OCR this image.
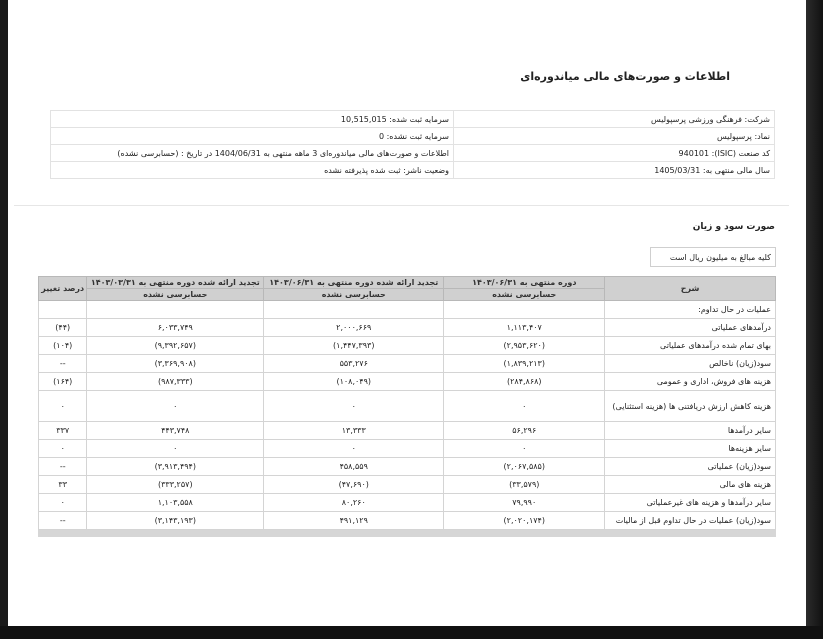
اطلاعات و صورت‌های مالی میاندوره‌ای
شرکت: فرهنگی ورزشی پرسپولیس	سرمایه ثبت شده: 10,515,015
نماد: پرسپولیس	سرمایه ثبت نشده: 0
کد صنعت (ISIC): 940101	اطلاعات و صورت‌های مالی میاندوره‌ای 3 ماهه منتهی به 1404/06/31 در تاریخ : (حسابرسی نشده)
سال مالی منتهی به: 1405/03/31	وضعیت ناشر: ثبت شده پذیرفته نشده
صورت سود و زیان
کلیه مبالغ به میلیون ریال است
شرح	دوره منتهی به ۱۴۰۳/۰۶/۳۱	تجدید ارائه شده دوره منتهی به ۱۴۰۳/۰۶/۳۱	تجدید ارائه شده دوره منتهی به ۱۴۰۳/۰۳/۳۱	درصد تغییر
	حسابرسی نشده	حسابرسی نشده	حسابرسی نشده	
عملیات در حال تداوم:				
درآمدهای عملیاتی	۱,۱۱۳,۴۰۷	۲,۰۰۰,۶۶۹	۶,۰۳۳,۷۴۹	(۴۴)
بهای تمام شده درآمدهای عملیاتی	(۲,۹۵۳,۶۲۰)	(۱,۴۴۷,۳۹۳)	(۹,۳۹۲,۶۵۷)	(۱۰۴)
سود(زیان) ناخالص	(۱,۸۳۹,۲۱۳)	۵۵۳,۲۷۶	(۳,۳۶۹,۹۰۸)	--
هزینه های فروش، اداری و عمومی	(۲۸۴,۸۶۸)	(۱۰۸,۰۴۹)	(۹۸۷,۳۳۳)	(۱۶۴)
هزینه کاهش ارزش دریافتنی ها (هزینه استثنایی)	۰	۰	۰	۰
سایر درآمدها	۵۶,۲۹۶	۱۳,۳۳۳	۴۴۳,۷۴۸	۳۳۷
سایر هزینه‌ها	۰	۰	۰	۰
سود(زیان) عملیاتی	(۲,۰۶۷,۵۸۵)	۴۵۸,۵۵۹	(۳,۹۱۳,۴۹۴)	--
هزینه های مالی	(۳۳,۵۷۹)	(۴۷,۶۹۰)	(۳۳۳,۲۵۷)	۳۳
سایر درآمدها و هزینه های غیرعملیاتی	۷۹,۹۹۰	۸۰,۲۶۰	۱,۱۰۳,۵۵۸	۰
سود(زیان) عملیات در حال تداوم قبل از مالیات	(۲,۰۲۰,۱۷۴)	۴۹۱,۱۲۹	(۳,۱۴۳,۱۹۳)	--
